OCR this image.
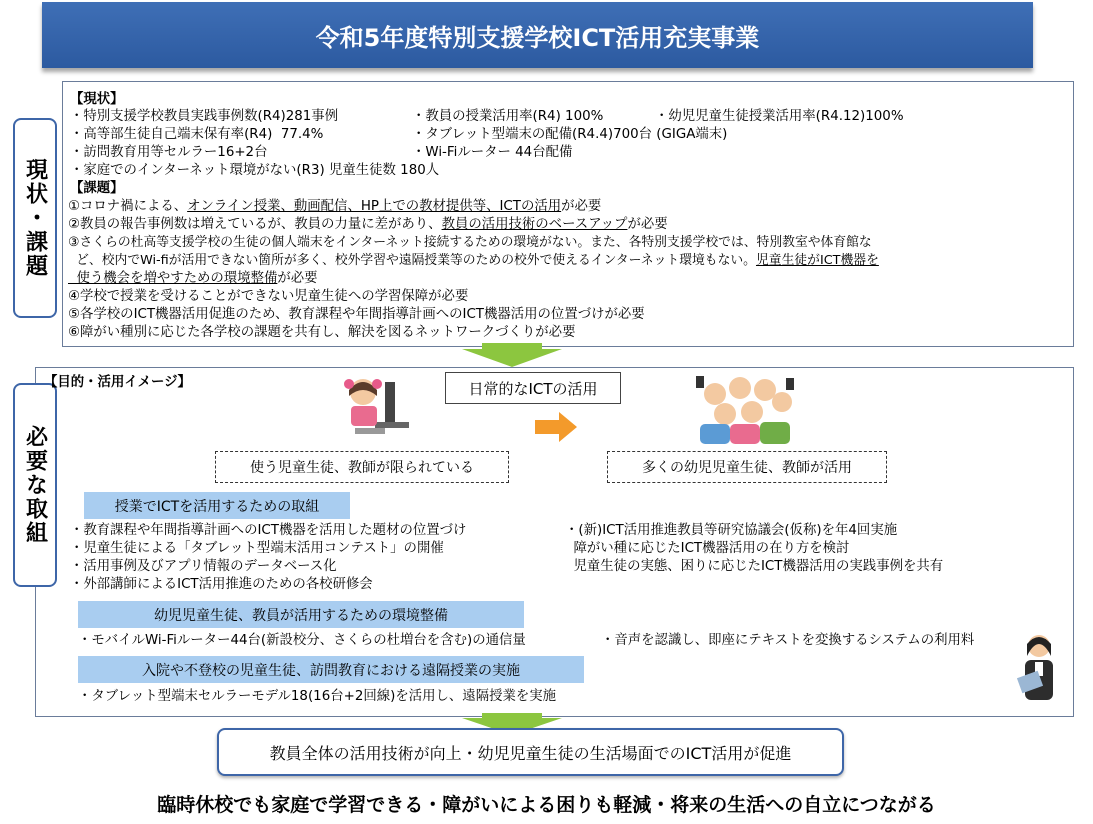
令和5年度特別支援学校ICT活用充実事業
現状・課題
【現状】
・特別支援学校教員実践事例数(R4)281事例	・教員の授業活用率(R4) 100%	・幼児児童生徒授業活用率(R4.12)100%
・高等部生徒自己端末保有率(R4)  77.4%	・タブレット型端末の配備(R4.4)700台 (GIGA端末)
・訪問教育用等セルラー16+2台	・Wi-Fiルーター 44台配備
・家庭でのインターネット環境がない(R3) 児童生徒数 180人
【課題】
①コロナ禍による、オンライン授業、動画配信、HP上での教材提供等、ICTの活用が必要
②教員の報告事例数は増えているが、教員の力量に差があり、教員の活用技術のベースアップが必要
③さくらの杜高等支援学校の生徒の個人端末をインターネット接続するための環境がない。また、各特別支援学校では、特別教室や体育館な
ど、校内でWi-fiが活用できない箇所が多く、校外学習や遠隔授業等のための校外で使えるインターネット環境もない。児童生徒がICT機器を
使う機会を増やすための環境整備が必要
④学校で授業を受けることができない児童生徒への学習保障が必要
⑤各学校のICT機器活用促進のため、教育課程や年間指導計画へのICT機器活用の位置づけが必要
⑥障がい種別に応じた各学校の課題を共有し、解決を図るネットワークづくりが必要
必要な取組
【目的・活用イメージ】	日常的なICTの活用
使う児童生徒、教師が限られている	多くの幼児児童生徒、教師が活用
授業でICTを活用するための取組
・教育課程や年間指導計画へのICT機器を活用した題材の位置づけ
・児童生徒による「タブレット型端末活用コンテスト」の開催
・活用事例及びアプリ情報のデータベース化
・外部講師によるICT活用推進のための各校研修会
・(新)ICT活用推進教員等研究協議会(仮称)を年4回実施
障がい種に応じたICT機器活用の在り方を検討
児童生徒の実態、困りに応じたICT機器活用の実践事例を共有
幼児児童生徒、教員が活用するための環境整備
・モバイルWi-Fiルーター44台(新設校分、さくらの杜増台を含む)の通信量	・音声を認識し、即座にテキストを変換するシステムの利用料
入院や不登校の児童生徒、訪問教育における遠隔授業の実施
・タブレット型端末セルラーモデル18(16台+2回線)を活用し、遠隔授業を実施
教員全体の活用技術が向上・幼児児童生徒の生活場面でのICT活用が促進
臨時休校でも家庭で学習できる・障がいによる困りも軽減・将来の生活への自立につながる
